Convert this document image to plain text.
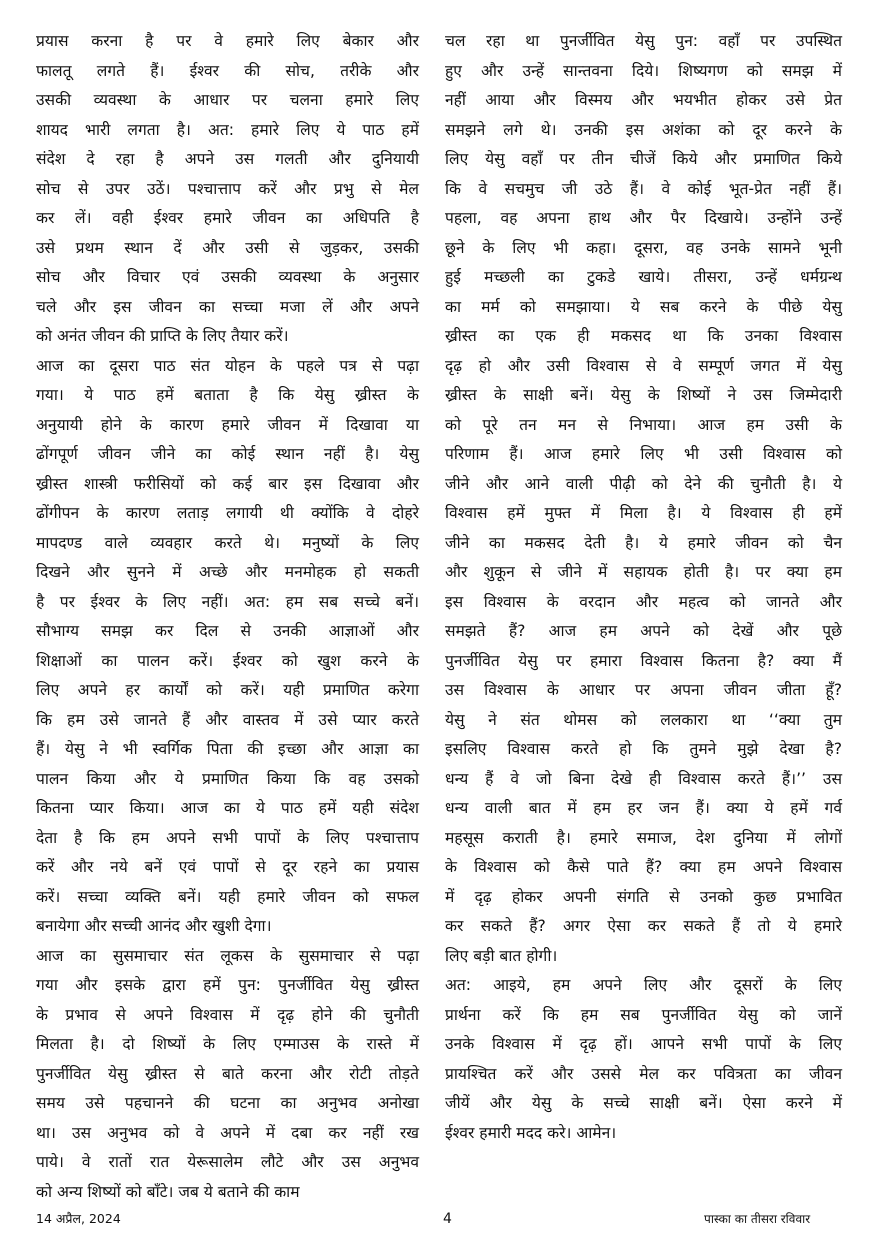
प्रयास करना है पर वे हमारे लिए बेकार और
फालतू लगते हैं। ईश्वर की सोच, तरीके और
उसकी व्यवस्था के आधार पर चलना हमारे लिए
शायद भारी लगता है। अत: हमारे लिए ये पाठ हमें
संदेश दे रहा है अपने उस गलती और दुनियायी
सोच से उपर उठें। पश्चात्ताप करें और प्रभु से मेल
कर लें। वही ईश्वर हमारे जीवन का अधिपति है
उसे प्रथम स्थान दें और उसी से जुड़कर, उसकी
सोच और विचार एवं उसकी व्यवस्था के अनुसार
चले और इस जीवन का सच्चा मजा लें और अपने
को अनंत जीवन की प्राप्ति के लिए तैयार करें।
आज का दूसरा पाठ संत योहन के पहले पत्र से पढ़ा
गया। ये पाठ हमें बताता है कि येसु ख्रीस्त के
अनुयायी होने के कारण हमारे जीवन में दिखावा या
ढोंगपूर्ण जीवन जीने का कोई स्थान नहीं है। येसु
ख्रीस्त शास्त्री फरीसियों को कई बार इस दिखावा और
ढोंगीपन के कारण लताड़ लगायी थी क्योंकि वे दोहरे
मापदण्ड वाले व्यवहार करते थे। मनुष्यों के लिए
दिखने और सुनने में अच्छे और मनमोहक हो सकती
है पर ईश्वर के लिए नहीं। अत: हम सब सच्चे बनें।
सौभाग्य समझ कर दिल से उनकी आज्ञाओं और
शिक्षाओं का पालन करें। ईश्वर को खुश करने के
लिए अपने हर कार्यों को करें। यही प्रमाणित करेगा
कि हम उसे जानते हैं और वास्तव में उसे प्यार करते
हैं। येसु ने भी स्वर्गिक पिता की इच्छा और आज्ञा का
पालन किया और ये प्रमाणित किया कि वह उसको
कितना प्यार किया। आज का ये पाठ हमें यही संदेश
देता है कि हम अपने सभी पापों के लिए पश्चात्ताप
करें और नये बनें एवं पापों से दूर रहने का प्रयास
करें। सच्चा व्यक्ति बनें। यही हमारे जीवन को सफल
बनायेगा और सच्ची आनंद और खुशी देगा।
आज का सुसमाचार संत लूकस के सुसमाचार से पढ़ा
गया और इसके द्वारा हमें पुन: पुनर्जीवित येसु ख्रीस्त
के प्रभाव से अपने विश्वास में दृढ़ होने की चुनौती
मिलता है। दो शिष्यों के लिए एम्माउस के रास्ते में
पुनर्जीवित येसु ख्रीस्त से बाते करना और रोटी तोड़ते
समय उसे पहचानने की घटना का अनुभव अनोखा
था। उस अनुभव को वे अपने में दबा कर नहीं रख
पाये। वे रातों रात येरूसालेम लौटे और उस अनुभव
को अन्य शिष्यों को बाँटे। जब ये बताने की काम
चल रहा था पुनर्जीवित येसु पुन: वहाँ पर उपस्थित
हुए और उन्हें सान्तवना दिये। शिष्यगण को समझ में
नहीं आया और विस्मय और भयभीत होकर उसे प्रेत
समझने लगे थे। उनकी इस अशंका को दूर करने के
लिए येसु वहाँ पर तीन चीजें किये और प्रमाणित किये
कि वे सचमुच जी उठे हैं। वे कोई भूत-प्रेत नहीं हैं।
पहला, वह अपना हाथ और पैर दिखाये। उन्होंने उन्हें
छूने के लिए भी कहा। दूसरा, वह उनके सामने भूनी
हुई मच्छली का टुकडे खाये। तीसरा, उन्हें धर्मग्रन्थ
का मर्म को समझाया। ये सब करने के पीछे येसु
ख्रीस्त का एक ही मकसद था कि उनका विश्वास
दृढ़ हो और उसी विश्वास से वे सम्पूर्ण जगत में येसु
ख्रीस्त के साक्षी बनें। येसु के शिष्यों ने उस जिम्मेदारी
को पूरे तन मन से निभाया। आज हम उसी के
परिणाम हैं। आज हमारे लिए भी उसी विश्वास को
जीने और आने वाली पीढ़ी को देने की चुनौती है। ये
विश्वास हमें मुफ्त में मिला है। ये विश्वास ही हमें
जीने का मकसद देती है। ये हमारे जीवन को चैन
और शुकून से जीने में सहायक होती है। पर क्या हम
इस विश्वास के वरदान और महत्व को जानते और
समझते हैं? आज हम अपने को देखें और पूछे
पुनर्जीवित येसु पर हमारा विश्वास कितना है? क्या मैं
उस विश्वास के आधार पर अपना जीवन जीता हूँ?
येसु ने संत थोमस को ललकारा था ‘‘क्या तुम
इसलिए विश्वास करते हो कि तुमने मुझे देखा है?
धन्य हैं वे जो बिना देखे ही विश्वास करते हैं।’’ उस
धन्य वाली बात में हम हर जन हैं। क्या ये हमें गर्व
महसूस कराती है। हमारे समाज, देश दुनिया में लोगों
के विश्वास को कैसे पाते हैं? क्या हम अपने विश्वास
में दृढ़ होकर अपनी संगति से उनको कुछ प्रभावित
कर सकते हैं? अगर ऐसा कर सकते हैं तो ये हमारे
लिए बड़ी बात होगी।
अत: आइये, हम अपने लिए और दूसरों के लिए
प्रार्थना करें कि हम सब पुनर्जीवित येसु को जानें
उनके विश्वास में दृढ़ हों। आपने सभी पापों के लिए
प्रायश्चित करें और उससे मेल कर पवित्रता का जीवन
जीयें और येसु के सच्चे साक्षी बनें। ऐसा करने में
ईश्वर हमारी मदद करे। आमेन।
14 अप्रैल, 2024	4	पास्का का तीसरा रविवार
